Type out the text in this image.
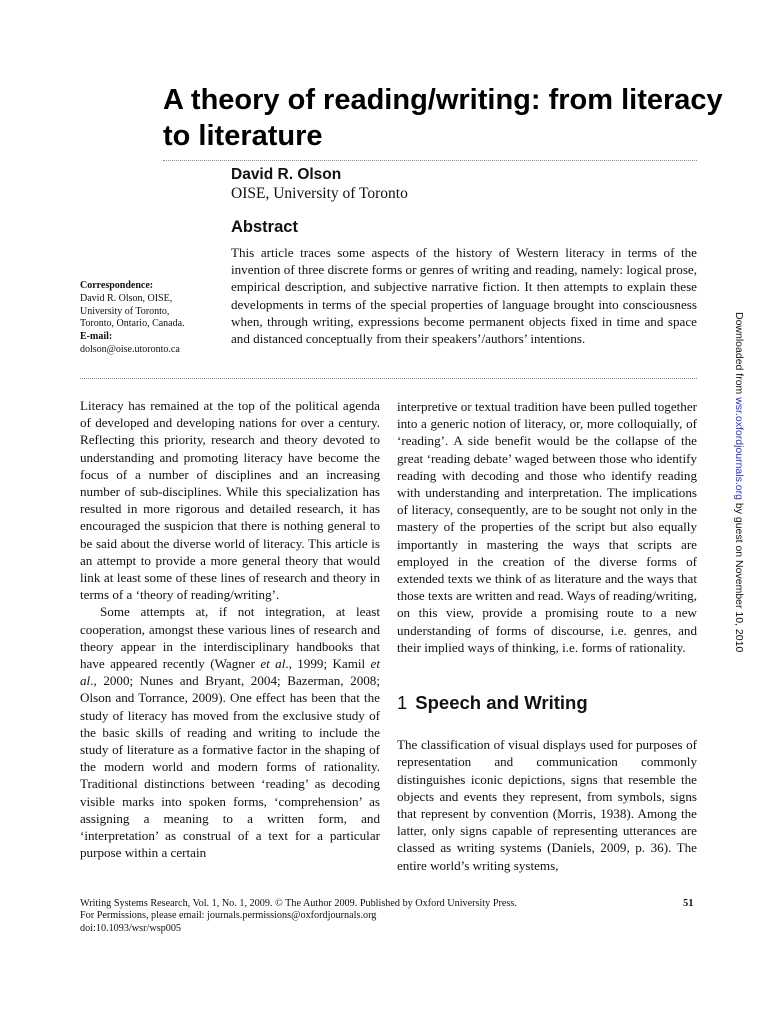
A theory of reading/writing: from literacy to literature
David R. Olson
OISE, University of Toronto
Abstract

This article traces some aspects of the history of Western literacy in terms of the invention of three discrete forms or genres of writing and reading, namely: logical prose, empirical description, and subjective narrative fiction. It then attempts to explain these developments in terms of the special properties of language brought into consciousness when, through writing, expressions become permanent objects fixed in time and space and distanced conceptually from their speakers’/authors’ intentions.

Correspondence:
David R. Olson, OISE,
University of Toronto,
Toronto, Ontario, Canada.
E-mail:
dolson@oise.utoronto.ca	Downloaded from wsr.oxfordjournals.org by guest on November 10, 2010

Literacy has remained at the top of the political agenda of developed and developing nations for over a century. Reflecting this priority, research and theory devoted to understanding and promoting literacy have become the focus of a number of disciplines and an increasing number of sub-disciplines. While this specialization has resulted in more rigorous and detailed research, it has encouraged the suspicion that there is nothing general to be said about the diverse world of literacy. This article is an attempt to provide a more general theory that would link at least some of these lines of research and theory in terms of a ‘theory of reading/writing’.

Some attempts at, if not integration, at least cooperation, amongst these various lines of research and theory appear in the interdisciplinary handbooks that have appeared recently (Wagner et al., 1999; Kamil et al., 2000; Nunes and Bryant, 2004; Bazerman, 2008; Olson and Torrance, 2009). One effect has been that the study of literacy has moved from the exclusive study of the basic skills of reading and writing to include the study of literature as a formative factor in the shaping of the modern world and modern forms of rationality. Traditional distinctions between ‘reading’ as decoding visible marks into spoken forms, ‘comprehension’ as assigning a meaning to a written form, and ‘interpretation’ as construal of a text for a particular purpose within a certain

interpretive or textual tradition have been pulled together into a generic notion of literacy, or, more colloquially, of ‘reading’. A side benefit would be the collapse of the great ‘reading debate’ waged between those who identify reading with decoding and those who identify reading with understanding and interpretation. The implications of literacy, consequently, are to be sought not only in the mastery of the properties of the script but also equally importantly in mastering the ways that scripts are employed in the creation of the diverse forms of extended texts we think of as literature and the ways that those texts are written and read. Ways of reading/writing, on this view, provide a promising route to a new understanding of forms of discourse, i.e. genres, and their implied ways of thinking, i.e. forms of rationality.

1 Speech and Writing

The classification of visual displays used for purposes of representation and communication commonly distinguishes iconic depictions, signs that resemble the objects and events they represent, from symbols, signs that represent by convention (Morris, 1938). Among the latter, only signs capable of representing utterances are classed as writing systems (Daniels, 2009, p. 36). The entire world’s writing systems,

Writing Systems Research, Vol. 1, No. 1, 2009. © The Author 2009. Published by Oxford University Press.
For Permissions, please email: journals.permissions@oxfordjournals.org
doi:10.1093/wsr/wsp005
51
